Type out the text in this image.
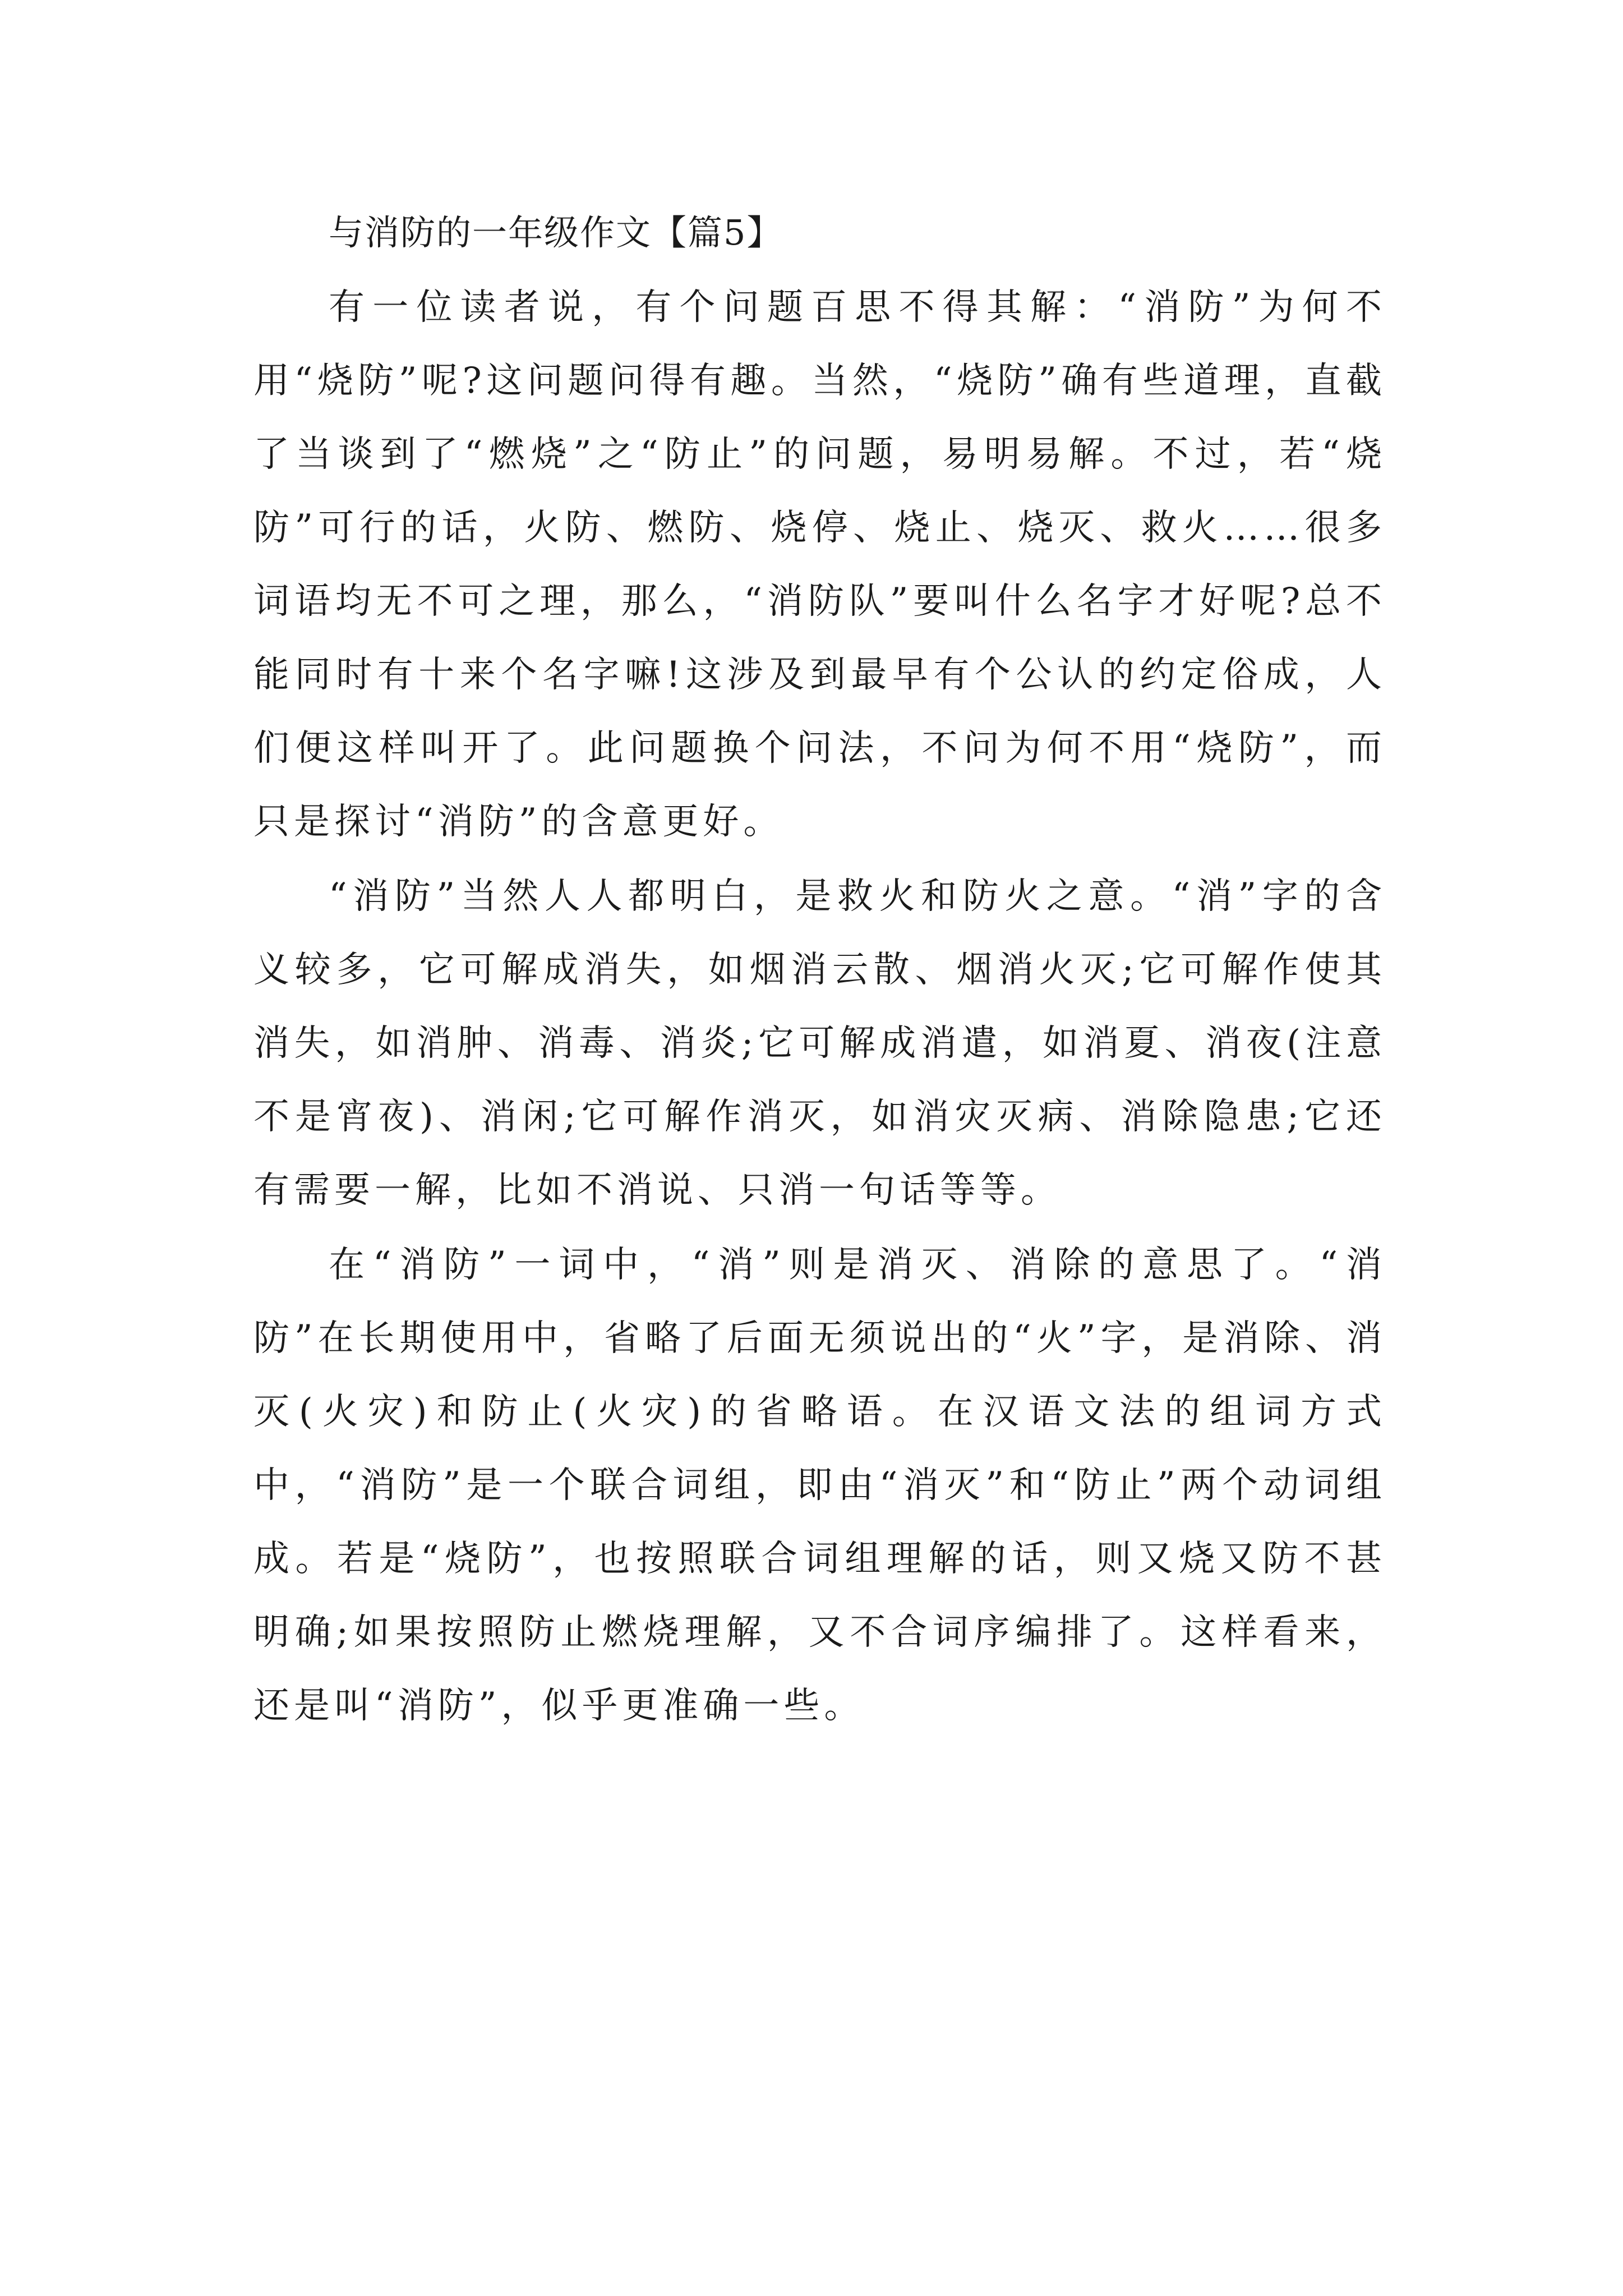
与消防的一年级作文【篇5】

有一位读者说，有个问题百思不得其解：“消防”为何不用“烧防”呢?这问题问得有趣。当然，“烧防”确有些道理，直截了当谈到了“燃烧”之“防止”的问题，易明易解。不过，若“烧防”可行的话，火防、燃防、烧停、烧止、烧灭、救火……很多词语均无不可之理，那么，“消防队”要叫什么名字才好呢?总不能同时有十来个名字嘛!这涉及到最早有个公认的约定俗成，人们便这样叫开了。此问题换个问法，不问为何不用“烧防”，而只是探讨“消防”的含意更好。

“消防”当然人人都明白，是救火和防火之意。“消”字的含义较多，它可解成消失，如烟消云散、烟消火灭;它可解作使其消失，如消肿、消毒、消炎;它可解成消遣，如消夏、消夜(注意不是宵夜)、消闲;它可解作消灭，如消灾灭病、消除隐患;它还有需要一解，比如不消说、只消一句话等等。

在“消防”一词中，“消”则是消灭、消除的意思了。“消防”在长期使用中，省略了后面无须说出的“火”字，是消除、消灭(火灾)和防止(火灾)的省略语。在汉语文法的组词方式中，“消防”是一个联合词组，即由“消灭”和“防止”两个动词组成。若是“烧防”，也按照联合词组理解的话，则又烧又防不甚明确;如果按照防止燃烧理解，又不合词序编排了。这样看来，还是叫“消防”，似乎更准确一些。
